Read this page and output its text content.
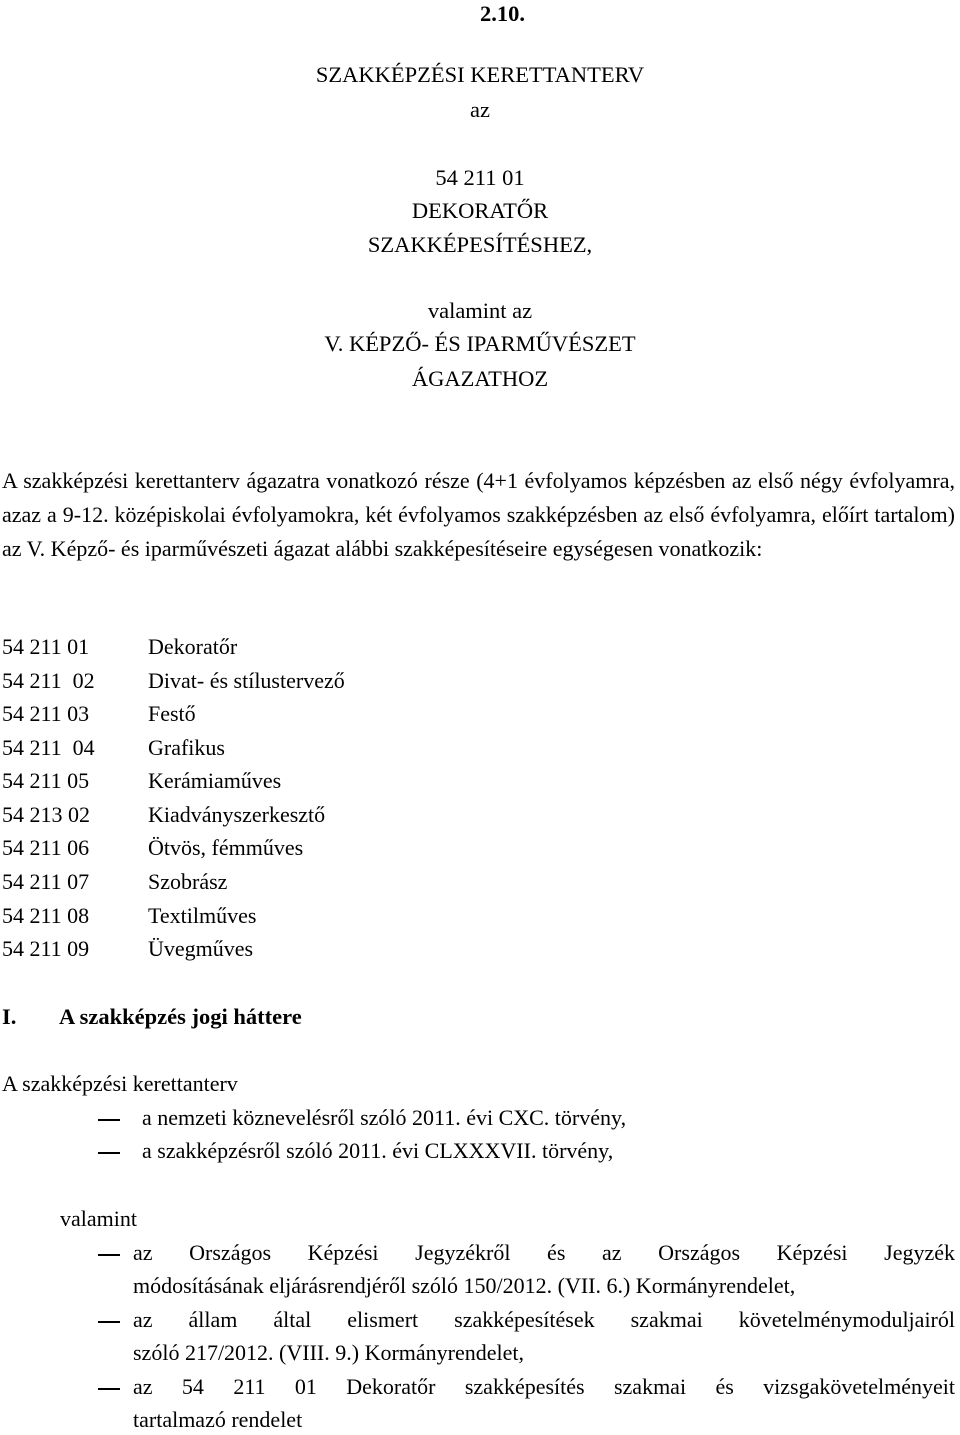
2.10.
SZAKKÉPZÉSI KERETTANTERV
az
54 211 01
DEKORATŐR
SZAKKÉPESÍTÉSHEZ,
valamint az
V. KÉPZŐ- ÉS IPARMŰVÉSZET
ÁGAZATHOZ

A szakképzési kerettanterv ágazatra vonatkozó része (4+1 évfolyamos képzésben az első négy évfolyamra, azaz a 9-12. középiskolai évfolyamokra, két évfolyamos szakképzésben az első évfolyamra, előírt tartalom) az V. Képző- és iparművészeti ágazat alábbi szakképesítéseire egységesen vonatkozik:

54 211 01	Dekoratőr
54 211  02 Divat- és stílustervező
54 211 03	Festő
54 211  04 Grafikus
54 211 05	Kerámiaműves
54 213 02	Kiadványszerkesztő
54 211 06	Ötvös, fémműves
54 211 07	Szobrász
54 211 08	Textilműves
54 211 09	Üvegműves
I. A szakképzés jogi háttere
A szakképzési kerettanterv
a nemzeti köznevelésről szóló 2011. évi CXC. törvény,
a szakképzésről szóló 2011. évi CLXXXVII. törvény,
valamint
az Országos Képzési Jegyzékről és az Országos Képzési Jegyzék
módosításának eljárásrendjéről szóló 150/2012. (VII. 6.) Kormányrendelet,
az állam által elismert szakképesítések szakmai követelménymoduljairól
szóló 217/2012. (VIII. 9.) Kormányrendelet,
az 54 211 01 Dekoratőr szakképesítés szakmai és vizsgakövetelményeit
tartalmazó rendelet
